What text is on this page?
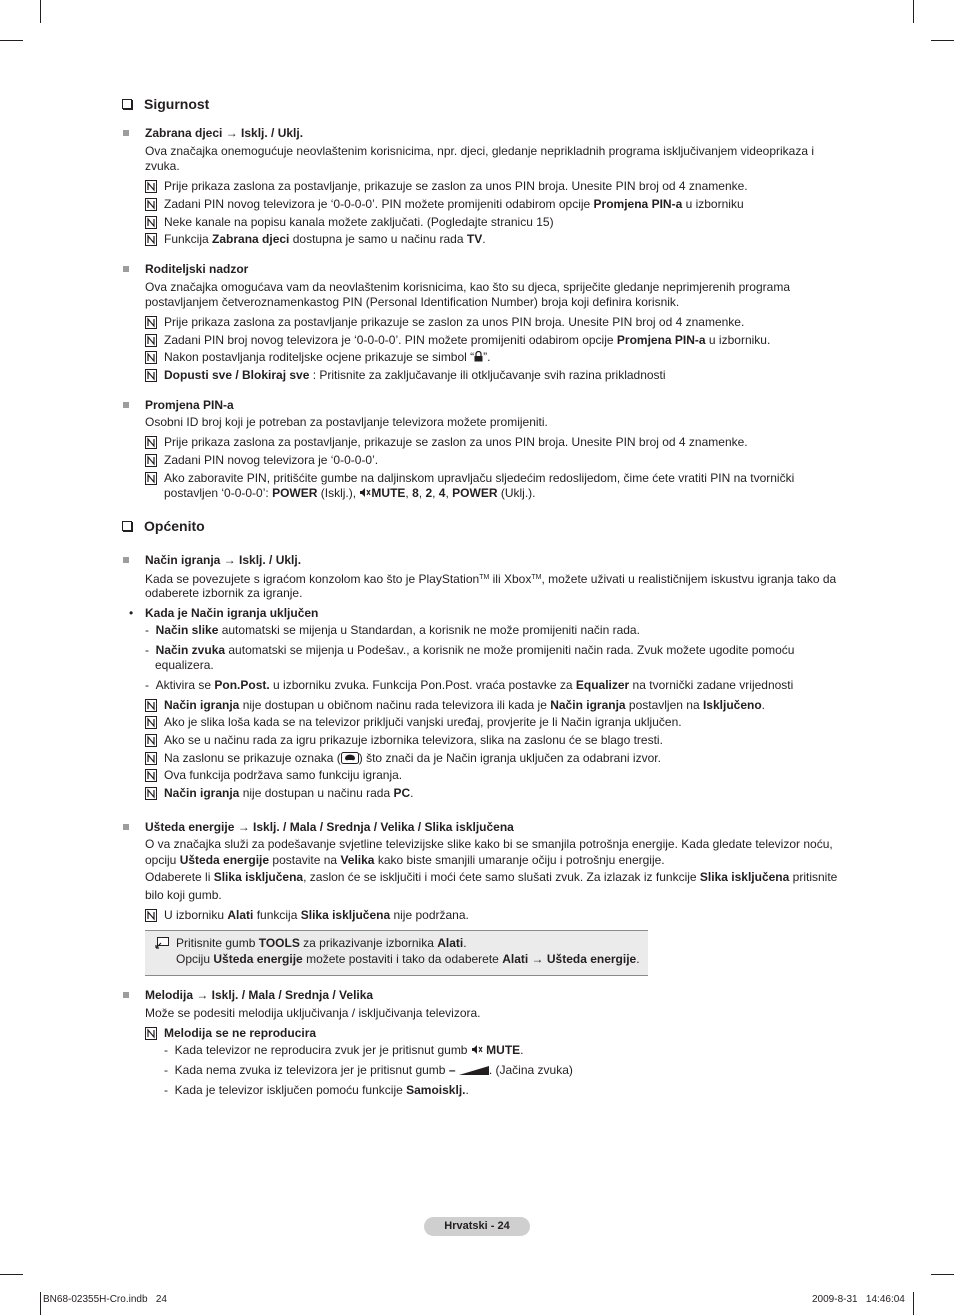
Sigurnost
Zabrana djeci → Isklj. / Uklj.
Ova značajka onemogućuje neovlaštenim korisnicima, npr. djeci, gledanje neprikladnih programa isključivanjem videoprikaza i
zvuka.
Prije prikaza zaslona za postavljanje, prikazuje se zaslon za unos PIN broja. Unesite PIN broj od 4 znamenke.
Zadani PIN novog televizora je ‘0-0-0-0’. PIN možete promijeniti odabirom opcije Promjena PIN-a u izborniku
Neke kanale na popisu kanala možete zaključati. (Pogledajte stranicu 15)
Funkcija Zabrana djeci dostupna je samo u načinu rada TV.
Roditeljski nadzor
Ova značajka omogućava vam da neovlaštenim korisnicima, kao što su djeca, spriječite gledanje neprimjerenih programa
postavljanjem četveroznamenkastog PIN (Personal Identification Number) broja koji definira korisnik.
Prije prikaza zaslona za postavljanje prikazuje se zaslon za unos PIN broja. Unesite PIN broj od 4 znamenke.
Zadani PIN broj novog televizora je ‘0-0-0-0’. PIN možete promijeniti odabirom opcije Promjena PIN-a u izborniku.
Nakon postavljanja roditeljske ocjene prikazuje se simbol “ ”.
Dopusti sve / Blokiraj sve : Pritisnite za zaključavanje ili otključavanje svih razina prikladnosti
Promjena PIN-a
Osobni ID broj koji je potreban za postavljanje televizora možete promijeniti.
Prije prikaza zaslona za postavljanje, prikazuje se zaslon za unos PIN broja. Unesite PIN broj od 4 znamenke.
Zadani PIN novog televizora je ‘0-0-0-0’.
Ako zaboravite PIN, pritišćite gumbe na daljinskom upravljaču sljedećim redoslijedom, čime ćete vratiti PIN na tvornički
postavljen ‘0-0-0-0’: POWER (Isklj.), MUTE, 8, 2, 4, POWER (Uklj.).
Općenito
Način igranja → Isklj. / Uklj.
Kada se povezujete s igraćom konzolom kao što je PlayStation™ ili Xbox™, možete uživati u realističnijem iskustvu igranja tako da
odaberete izbornik za igranje.
• Kada je Način igranja uključen
-  Način slike automatski se mijenja u Standardan, a korisnik ne može promijeniti način rada.
-  Način zvuka automatski se mijenja u Podešav., a korisnik ne može promijeniti način rada. Zvuk možete ugodite pomoću
equalizera.
-  Aktivira se Pon.Post. u izborniku zvuka. Funkcija Pon.Post. vraća postavke za Equalizer na tvornički zadane vrijednosti
Način igranja nije dostupan u običnom načinu rada televizora ili kada je Način igranja postavljen na Isključeno.
Ako je slika loša kada se na televizor priključi vanjski uređaj, provjerite je li Način igranja uključen.
Ako se u načinu rada za igru prikazuje izbornika televizora, slika na zaslonu će se blago tresti.
Na zaslonu se prikazuje oznaka ( ) što znači da je Način igranja uključen za odabrani izvor.
Ova funkcija podržava samo funkciju igranja.
Način igranja nije dostupan u načinu rada PC.
Ušteda energije → Isklj. / Mala / Srednja / Velika / Slika isključena
O va značajka služi za podešavanje svjetline televizijske slike kako bi se smanjila potrošnja energije. Kada gledate televizor noću,
opciju Ušteda energije postavite na Velika kako biste smanjili umaranje očiju i potrošnju energije.
Odaberete li Slika isključena, zaslon će se isključiti i moći ćete samo slušati zvuk. Za izlazak iz funkcije Slika isključena pritisnite
bilo koji gumb.
U izborniku Alati funkcija Slika isključena nije podržana.
Pritisnite gumb TOOLS za prikazivanje izbornika Alati.
Opciju Ušteda energije možete postaviti i tako da odaberete Alati → Ušteda energije.
Melodija → Isklj. / Mala / Srednja / Velika
Može se podesiti melodija uključivanja / isključivanja televizora.
Melodija se ne reproducira
-  Kada televizor ne reproducira zvuk jer je pritisnut gumb  MUTE.
-  Kada nema zvuka iz televizora jer je pritisnut gumb –	. (Jačina zvuka)
-  Kada je televizor isključen pomoću funkcije Samoisklj..
Hrvatski - 24
BN68-02355H-Cro.indb   24	2009-8-31   14:46:04
